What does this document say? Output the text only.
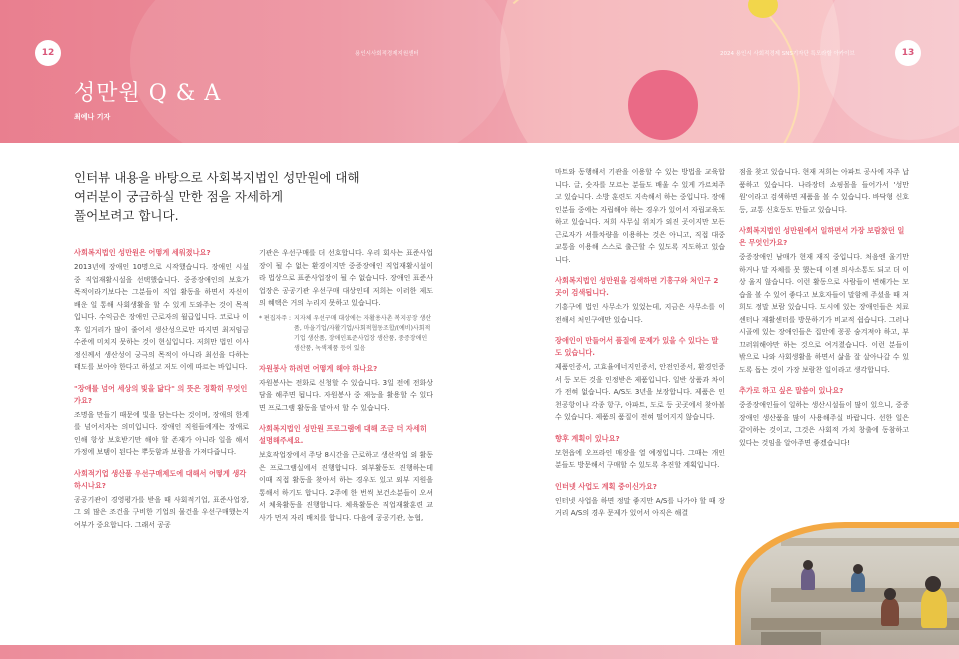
12	용인시사회적경제지원센터	2024 용인시 사회적경제 SNS기자단 특모라할 아카이브	13
성만원 Q & A
최예나 기자
인터뷰 내용을 바탕으로 사회복지법인 성만원에 대해
여러분이 궁금하실 만한 점을 자세하게
풀어보려고 합니다.
사회복지법인 성만원은 어떻게 세워졌나요?
2013년에 장애인 10명으로 시작했습니다. 장애인 시설 중 직업재활시설을 선택했습니다. 중증장애인의 보호가 목적이라기보다는 그분들이 직업 활동을 하면서 자신이 배운 일 통해 사회생활을 할 수 있게 도와주는 것이 목적입니다. 수익금은 장애인 근로자의 월급입니다. 코로나 이후 일거리가 많이 줄어서 생산성으로만 따지면 최저임금 수준에 미치지 못하는 것이 현실입니다. 저희만 법인 이사 정신께서 생산성이 궁극의 목적이 아니라 최선을 다하는 태도를 보아야 한다고 하셨고 저도 이에 따르는 바입니다.
"장애를 넘어 세상의 빛을 닮다" 의 뜻은 정확히 무엇인가요?
조명을 만들기 때문에 빛을 담는다는 것이며, 장애의 한계를 넘어서자는 의미입니다. 장애인 직원들에게는 장애로 인해 항상 보호받기만 해야 할 존재가 아니라 일을 해서 가정에 보탬이 된다는 뿌듯함과 보람을 가져다줍니다.
사회적기업 생산품 우선구매제도에 대해서 어떻게 생각하시나요?
공공기관이 경영평가를 받을 때 사회적기업, 표준사업장, 그 외 많은 조건을 구비한 기업의 물건을 우선구매했는지 여부가 중요합니다. 그래서 공공
기관은 우선구매를 더 선호합니다. 우리 회사는 표준사업장이 될 수 없는 환경이지만 중증장애인 직업재활시설이라 법상으로 표준사업장이 될 수 없습니다. 장애인 표준사업장은 공공기관 우선구매 대상인데 저희는 이러한 제도의 혜택은 거의 누리지 못하고 있습니다.
* 편집자주 : 지자체 우선구매 대상에는 자활용사촌 복지공장 생산품, 마을기업/자활기업/사회적협동조합/(예비)사회적기업 생산품, 장애인표준사업장 생산품, 중증장애인 생산품, 녹색제품 등이 있음
자원봉사 하려면 어떻게 해야 하나요?
자원봉사는 전화로 신청할 수 있습니다. 3일 전에 전화상담을 해주면 됩니다. 자원봉사 중 재능을 활용할 수 있다면 프로그램 활동을 맡아서 할 수 있습니다.
사회복지법인 성만원 프로그램에 대해 조금 더 자세히 설명해주세요.
보호작업장에서 주당 8시간을 근로하고 생산작업 외 활동은 프로그램실에서 진행합니다. 외부활동도 진행하는데 이때 직접 활동을 찾아서 하는 경우도 있고 외부 지원을 통해서 하기도 합니다. 2주에 한 번씩 보건소분들이 오셔서 체육활동을 진행합니다. 체육활동은 직업재활훈련 교사가 먼저 자리 배치를 합니다. 다음에 공공기관, 농협,
마트와 동행해서 기관을 이용할 수 있는 방법을 교육합니다. 글, 숫자를 모르는 분들도 배울 수 있게 가르쳐주고 있습니다. 소방 훈련도 지속해서 하는 중입니다. 장애인분들 중에는 자립해야 하는 경우가 있어서 자립교육도 하고 있습니다. 저희 사무실 위치가 외진 곳이지만 모든 근로자가 셔틀차량을 이용하는 것은 아니고, 직접 대중교통을 이용해 스스로 출근할 수 있도록 지도하고 있습니다.
사회복지법인 성만원을 검색하면 기흥구와 처인구 2곳이 검색됩니다.
기흥구에 법인 사무소가 있었는데, 지금은 사무소를 이전해서 처인구에만 있습니다.
장애인이 만들어서 품질에 문제가 있을 수 있다는 말도 있습니다.
제품인증서, 고효율에너지인증서, 안전인증서, 환경인증서 등 모든 것을 인정받은 제품입니다. 일반 상품과 차이가 전혀 없습니다. A/S도 3년을 보장합니다. 제품은 인천공항이나 각종 항구, 아파트, 도로 등 곳곳에서 찾아볼 수 있습니다. 제품의 품질이 전혀 떨어지지 않습니다.
향후 계획이 있나요?
모현읍에 오프라인 매장을 열 예정입니다. 그때는 개인분들도 방문해서 구매할 수 있도록 추진할 계획입니다.
인터넷 사업도 계획 중이신가요?
인터넷 사업을 하면 정말 좋지만 A/S를 나가야 할 때 장거리 A/S의 경우 문제가 있어서 아직은 해결
점을 찾고 있습니다. 현재 저희는 아파트 공사에 자주 납품하고 있습니다. 나라장터 쇼핑몰을 들어가서 '성만원'이라고 검색하면 제품을 볼 수 있습니다. 바닥형 신호등, 교통 신호등도 만들고 있습니다.
사회복지법인 성만원에서 일하면서 가장 보람찼던 일은 무엇인가요?
중증장애인 남매가 현재 재직 중입니다. 처음엔 울기만 하거나 말 자체를 못 했는데 이젠 의사소통도 되고 더 이상 울지 않습니다. 이런 활동으로 사람들이 변해가는 모습을 볼 수 있어 좋다고 보호자들이 말함께 주셨을 때 저희도 정말 보람 있습니다. 도시에 있는 장애인들은 치료센터나 재활센터를 방문하기가 비교적 쉽습니다. 그러나 시골에 있는 장애인들은 집안에 꽁꽁 숨겨져야 하고, 부끄러워해야만 하는 것으로 여겨졌습니다. 이런 분들이 밖으로 나와 사회생활을 하면서 삶을 잘 살아나갈 수 있도록 돕는 것이 가장 보람찬 일이라고 생각합니다.
추가로 하고 싶은 말씀이 있나요?
중증장애인들이 일하는 생산시설들이 많이 있으니, 중증장애인 생산품을 많이 사용해주실 바랍니다. 선한 일은 같이하는 것이고, 그것은 사회적 가치 창출에 동참하고 있다는 것임을 알아주면 좋겠습니다!
